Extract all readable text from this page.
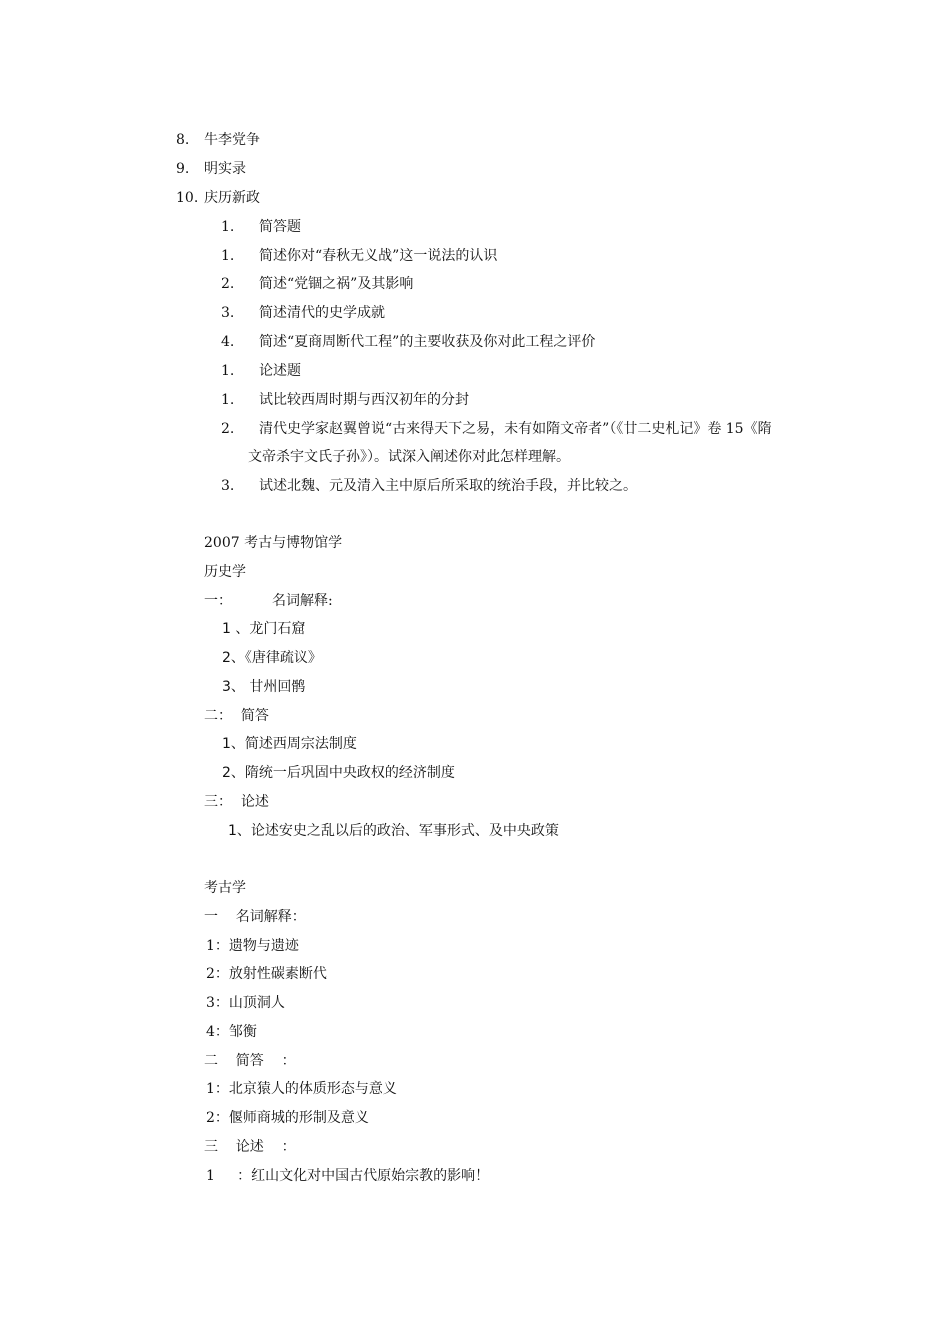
8. 牛李党争
9. 明实录
10. 庆历新政
1. 简答题
1. 简述你对“春秋无义战”这一说法的认识
2. 简述“党锢之祸”及其影响
3. 简述清代的史学成就
4. 简述“夏商周断代工程”的主要收获及你对此工程之评价
1. 论述题
1. 试比较西周时期与西汉初年的分封
2. 清代史学家赵翼曾说“古来得天下之易，未有如隋文帝者”（《廿二史札记》卷 15《隋
文帝杀宇文氏子孙》）。试深入阐述你对此怎样理解。
3. 试述北魏、元及清入主中原后所采取的统治手段，并比较之。
2007 考古与博物馆学
历史学
一：         名词解释:
1 、龙门石窟
2、《唐律疏议》
3、 甘州回鹘
二：  简答
1、简述西周宗法制度
2、隋统一后巩固中央政权的经济制度
三：  论述
1、论述安史之乱以后的政治、军事形式、及中央政策
考古学
一    名词解释：
1：遗物与遗迹
2：放射性碳素断代
3：山顶洞人
4：邹衡
二    简答    ：
1：北京猿人的体质形态与意义
2：偃师商城的形制及意义
三    论述    ：
1     ：红山文化对中国古代原始宗教的影响！
